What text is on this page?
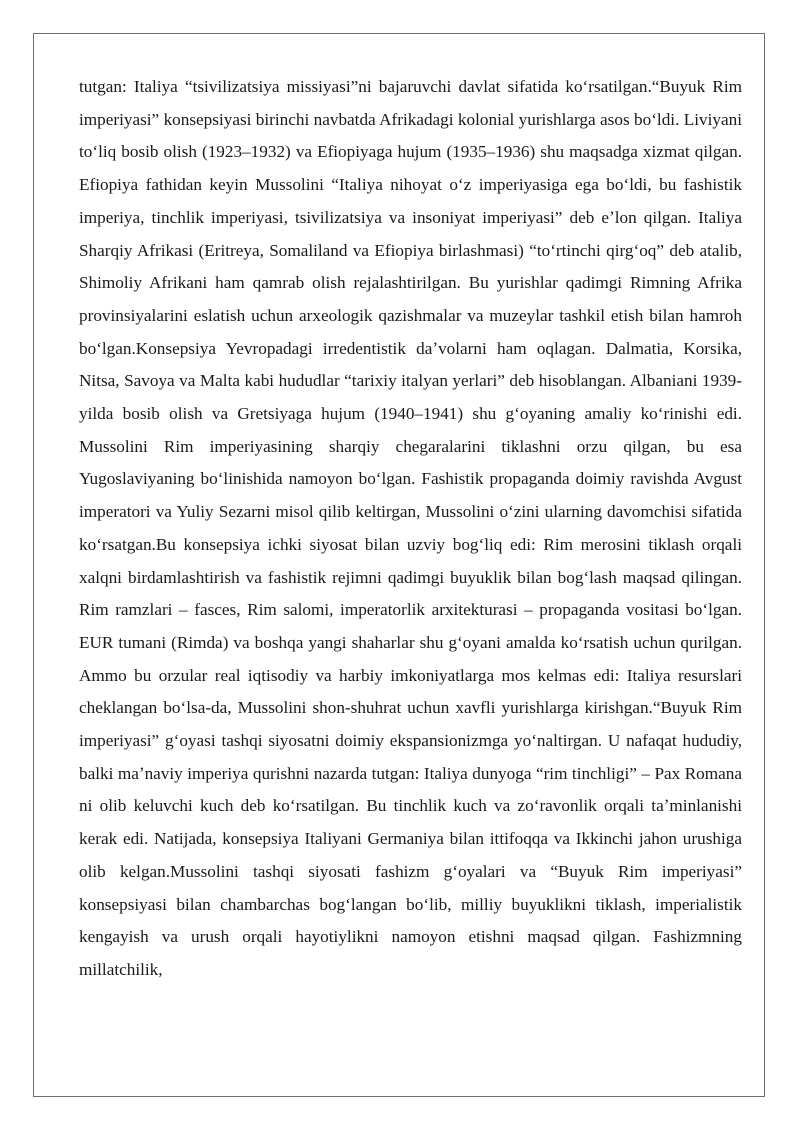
tutgan: Italiya “tsivilizatsiya missiyasi”ni bajaruvchi davlat sifatida koʻrsatilgan.“Buyuk Rim imperiyasi” konsepsiyasi birinchi navbatda Afrikadagi kolonial yurishlarga asos boʻldi. Liviyani toʻliq bosib olish (1923–1932) va Efiopiyaga hujum (1935–1936) shu maqsadga xizmat qilgan. Efiopiya fathidan keyin Mussolini “Italiya nihoyat oʻz imperiyasiga ega boʻldi, bu fashistik imperiya, tinchlik imperiyasi, tsivilizatsiya va insoniyat imperiyasi” deb eʼlon qilgan. Italiya Sharqiy Afrikasi (Eritreya, Somaliland va Efiopiya birlashmasi) “toʻrtinchi qirgʻoq” deb atalib, Shimoliy Afrikani ham qamrab olish rejalashtirilgan. Bu yurishlar qadimgi Rimning Afrika provinsiyalarini eslatish uchun arxeologik qazishmalar va muzeylar tashkil etish bilan hamroh boʻlgan.Konsepsiya Yevropadagi irredentistik daʼvolarni ham oqlagan. Dalmatia, Korsika, Nitsa, Savoya va Malta kabi hududlar “tarixiy italyan yerlari” deb hisoblangan. Albaniani 1939-yilda bosib olish va Gretsiyaga hujum (1940–1941) shu gʻoyaning amaliy koʻrinishi edi. Mussolini Rim imperiyasining sharqiy chegaralarini tiklashni orzu qilgan, bu esa Yugoslaviyaning boʻlinishida namoyon boʻlgan. Fashistik propaganda doimiy ravishda Avgust imperatori va Yuliy Sezarni misol qilib keltirgan, Mussolini oʻzini ularning davomchisi sifatida koʻrsatgan.Bu konsepsiya ichki siyosat bilan uzviy bogʻliq edi: Rim merosini tiklash orqali xalqni birdamlashtirish va fashistik rejimni qadimgi buyuklik bilan bogʻlash maqsad qilingan. Rim ramzlari – fasces, Rim salomi, imperatorlik arxitekturasi – propaganda vositasi boʻlgan. EUR tumani (Rimda) va boshqa yangi shaharlar shu gʻoyani amalda koʻrsatish uchun qurilgan. Ammo bu orzular real iqtisodiy va harbiy imkoniyatlarga mos kelmas edi: Italiya resurslari cheklangan boʻlsa-da, Mussolini shon-shuhrat uchun xavfli yurishlarga kirishgan.“Buyuk Rim imperiyasi” gʻoyasi tashqi siyosatni doimiy ekspansionizmga yoʻnaltirgan. U nafaqat hududiy, balki maʼnaviy imperiya qurishni nazarda tutgan: Italiya dunyoga “rim tinchligi” – Pax Romana ni olib keluvchi kuch deb koʻrsatilgan. Bu tinchlik kuch va zoʻravonlik orqali taʼminlanishi kerak edi. Natijada, konsepsiya Italiyani Germaniya bilan ittifoqqa va Ikkinchi jahon urushiga olib kelgan.Mussolini tashqi siyosati fashizm gʻoyalari va “Buyuk Rim imperiyasi” konsepsiyasi bilan chambarchas bogʻlangan boʻlib, milliy buyuklikni tiklash, imperialistik kengayish va urush orqali hayotiylikni namoyon etishni maqsad qilgan. Fashizmning millatchilik,
